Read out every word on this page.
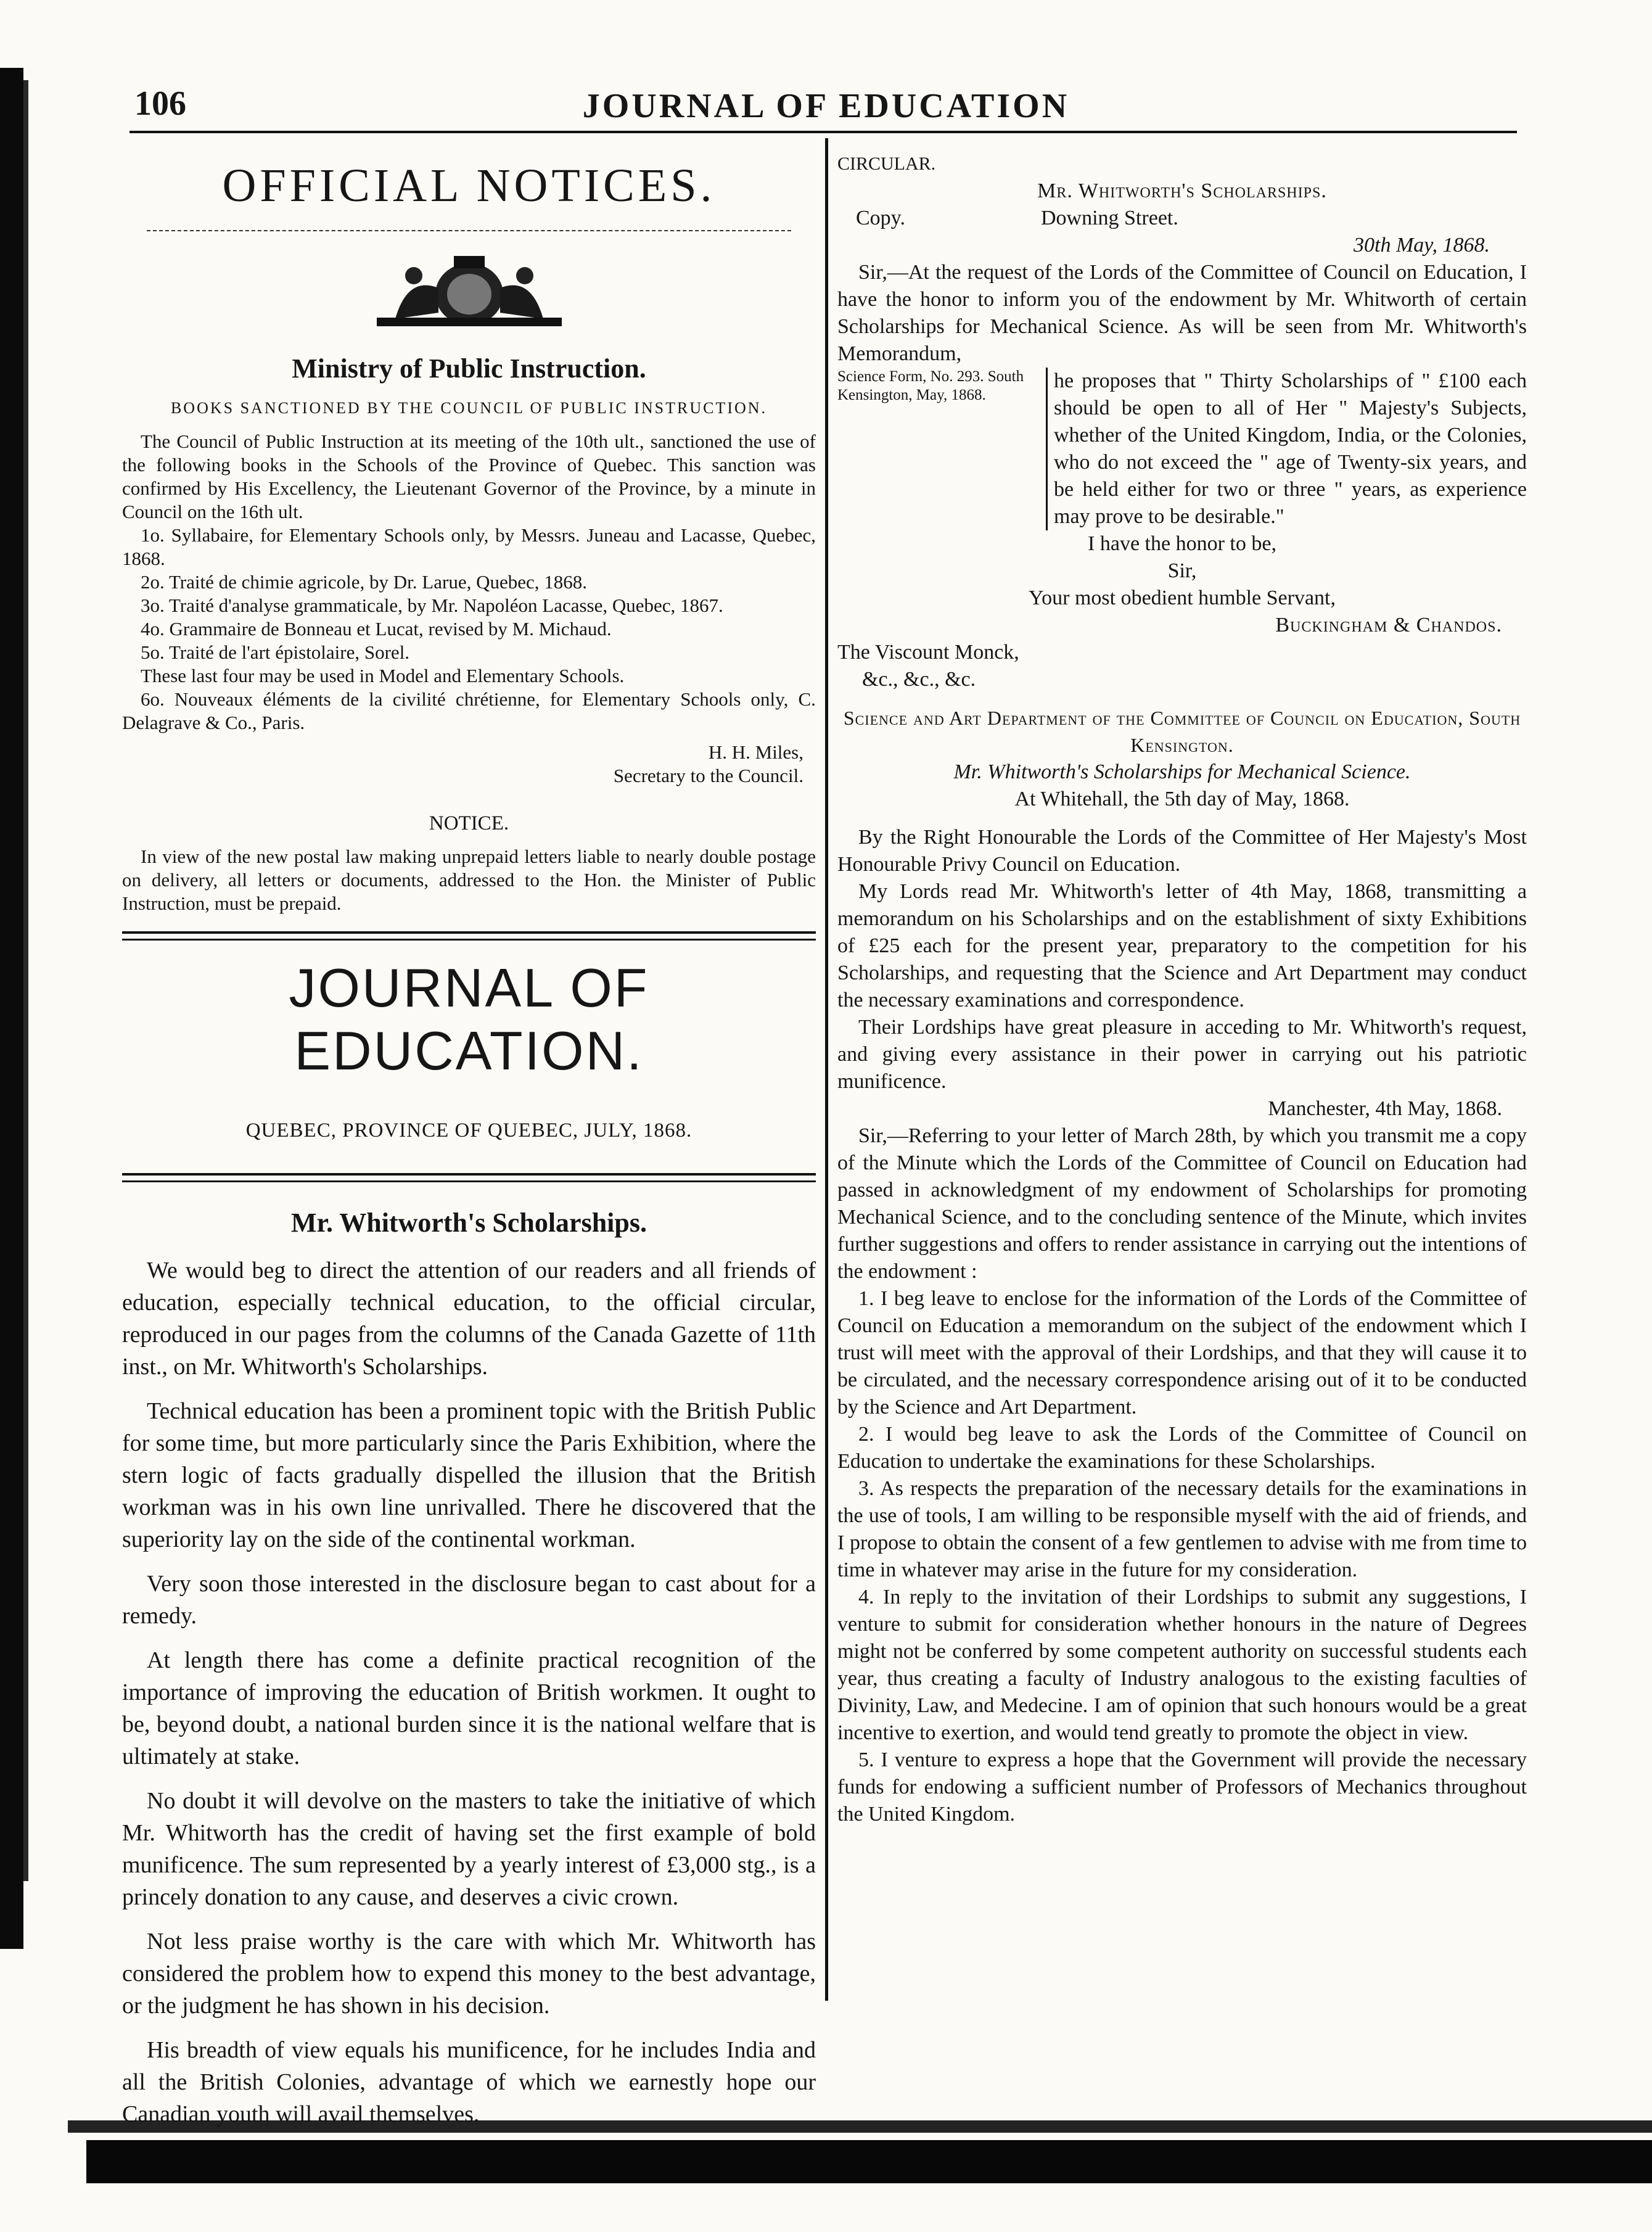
106	JOURNAL OF EDUCATION
OFFICIAL NOTICES.
Ministry of Public Instruction.
BOOKS SANCTIONED BY THE COUNCIL OF PUBLIC INSTRUCTION.

The Council of Public Instruction at its meeting of the 10th ult., sanctioned the use of the following books in the Schools of the Province of Quebec. This sanction was confirmed by His Excellency, the Lieutenant Governor of the Province, by a minute in Council on the 16th ult.

1o. Syllabaire, for Elementary Schools only, by Messrs. Juneau and Lacasse, Quebec, 1868.

2o. Traité de chimie agricole, by Dr. Larue, Quebec, 1868.

3o. Traité d'analyse grammaticale, by Mr. Napoléon Lacasse, Quebec, 1867.

4o. Grammaire de Bonneau et Lucat, revised by M. Michaud.

5o. Traité de l'art épistolaire, Sorel.

These last four may be used in Model and Elementary Schools.

6o. Nouveaux éléments de la civilité chrétienne, for Elementary Schools only, C. Delagrave & Co., Paris.

H. H. Miles,
Secretary to the Council.
NOTICE.

In view of the new postal law making unprepaid letters liable to nearly double postage on delivery, all letters or documents, addressed to the Hon. the Minister of Public Instruction, must be prepaid.

JOURNAL OF EDUCATION.
QUEBEC, PROVINCE OF QUEBEC, JULY, 1868.
Mr. Whitworth's Scholarships.

We would beg to direct the attention of our readers and all friends of education, especially technical education, to the official circular, reproduced in our pages from the columns of the Canada Gazette of 11th inst., on Mr. Whitworth's Scholarships.

Technical education has been a prominent topic with the British Public for some time, but more particularly since the Paris Exhibition, where the stern logic of facts gradually dispelled the illusion that the British workman was in his own line unrivalled. There he discovered that the superiority lay on the side of the continental workman.

Very soon those interested in the disclosure began to cast about for a remedy.

At length there has come a definite practical recognition of the importance of improving the education of British workmen. It ought to be, beyond doubt, a national burden since it is the national welfare that is ultimately at stake.

No doubt it will devolve on the masters to take the initiative of which Mr. Whitworth has the credit of having set the first example of bold munificence. The sum represented by a yearly interest of £3,000 stg., is a princely donation to any cause, and deserves a civic crown.

Not less praise worthy is the care with which Mr. Whitworth has considered the problem how to expend this money to the best advantage, or the judgment he has shown in his decision.

His breadth of view equals his munificence, for he includes India and all the British Colonies, advantage of which we earnestly hope our Canadian youth will avail themselves.

CIRCULAR.
Mr. Whitworth's Scholarships.
Copy.	Downing Street.
30th May, 1868.

Sir,—At the request of the Lords of the Committee of Council on Education, I have the honor to inform you of the endowment by Mr. Whitworth of certain Scholarships for Mechanical Science. As will be seen from Mr. Whitworth's Memorandum,

Science Form, No. 293. South Kensington, May, 1868.
he proposes that " Thirty Scholarships of " £100 each should be open to all of Her " Majesty's Subjects, whether of the United Kingdom, India, or the Colonies, who do not exceed the " age of Twenty-six years, and be held either for two or three " years, as experience may prove to be desirable."
I have the honor to be,
Sir,
Your most obedient humble Servant,
Buckingham & Chandos.
The Viscount Monck,
&c., &c., &c.
Science and Art Department of the Committee of Council on Education, South Kensington.
Mr. Whitworth's Scholarships for Mechanical Science.
At Whitehall, the 5th day of May, 1868.

By the Right Honourable the Lords of the Committee of Her Majesty's Most Honourable Privy Council on Education.

My Lords read Mr. Whitworth's letter of 4th May, 1868, transmitting a memorandum on his Scholarships and on the establishment of sixty Exhibitions of £25 each for the present year, preparatory to the competition for his Scholarships, and requesting that the Science and Art Department may conduct the necessary examinations and correspondence.

Their Lordships have great pleasure in acceding to Mr. Whitworth's request, and giving every assistance in their power in carrying out his patriotic munificence.

Manchester, 4th May, 1868.

Sir,—Referring to your letter of March 28th, by which you transmit me a copy of the Minute which the Lords of the Committee of Council on Education had passed in acknowledgment of my endowment of Scholarships for promoting Mechanical Science, and to the concluding sentence of the Minute, which invites further suggestions and offers to render assistance in carrying out the intentions of the endowment :

1. I beg leave to enclose for the information of the Lords of the Committee of Council on Education a memorandum on the subject of the endowment which I trust will meet with the approval of their Lordships, and that they will cause it to be circulated, and the necessary correspondence arising out of it to be conducted by the Science and Art Department.

2. I would beg leave to ask the Lords of the Committee of Council on Education to undertake the examinations for these Scholarships.

3. As respects the preparation of the necessary details for the examinations in the use of tools, I am willing to be responsible myself with the aid of friends, and I propose to obtain the consent of a few gentlemen to advise with me from time to time in whatever may arise in the future for my consideration.

4. In reply to the invitation of their Lordships to submit any suggestions, I venture to submit for consideration whether honours in the nature of Degrees might not be conferred by some competent authority on successful students each year, thus creating a faculty of Industry analogous to the existing faculties of Divinity, Law, and Medecine. I am of opinion that such honours would be a great incentive to exertion, and would tend greatly to promote the object in view.

5. I venture to express a hope that the Government will provide the necessary funds for endowing a sufficient number of Professors of Mechanics throughout the United Kingdom.
